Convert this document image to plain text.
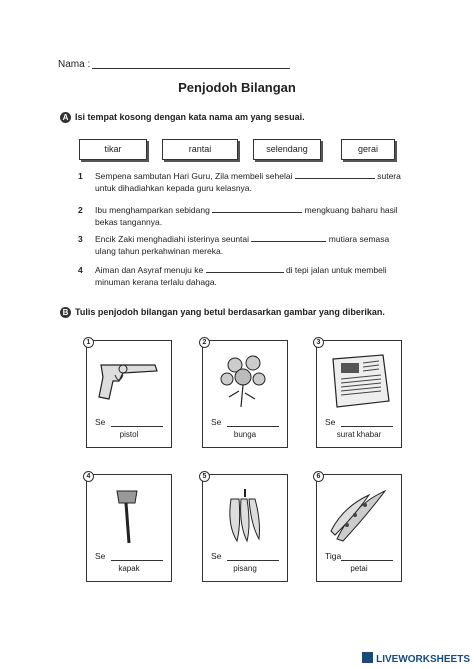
Nama :
Penjodoh Bilangan
A Isi tempat kosong dengan kata nama am yang sesuai.
tikar	rantai	selendang	gerai
1 Sempena sambutan Hari Guru, Zila membeli sehelai	sutera
untuk dihadiahkan kepada guru kelasnya.
2 Ibu menghamparkan sebidang	mengkuang baharu hasil
bekas tangannya.
3 Encik Zaki menghadiahi isterinya seuntai	mutiara semasa
ulang tahun perkahwinan mereka.
4 Aiman dan Asyraf menuju ke	di tepi jalan untuk membeli
minuman kerana terlalu dahaga.
B Tulis penjodoh bilangan yang betul berdasarkan gambar yang diberikan.
1
Se
pistol
2
Se
bunga
3
Se
surat khabar
4
Se
kapak
5
Se
pisang
6
Tiga
petai
LIVEWORKSHEETS
